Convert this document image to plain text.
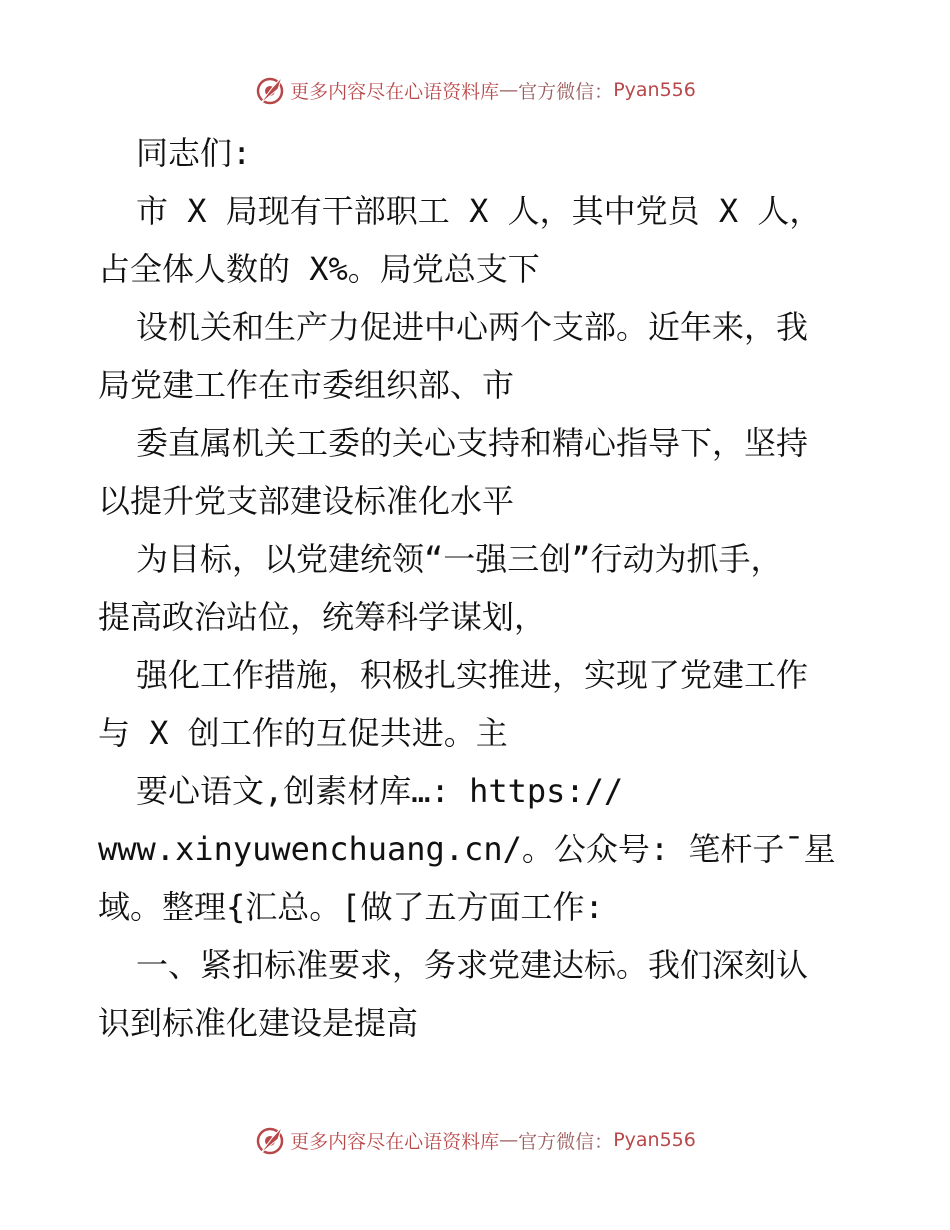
更多内容尽在心语资料库 — 官方微信： Pyan556
同志们:
市 X 局现有干部职工 X 人，其中党员 X 人，
占全体人数的 X%。局党总支下
设机关和生产力促进中心两个支部。近年来，我
局党建工作在市委组织部、市
委直属机关工委的关心支持和精心指导下，坚持
以提升党支部建设标准化水平
为目标，以党建统领“一强三创”行动为抓手，
提高政治站位，统筹科学谋划，
强化工作措施，积极扎实推进，实现了党建工作
与 X 创工作的互促共进。主
要心语文,创素材库…: https://
www.xinyuwenchuang.cn/。公众号: 笔杆子¯星
域。整理{汇总。[做了五方面工作:
一、紧扣标准要求，务求党建达标。我们深刻认
识到标准化建设是提高
更多内容尽在心语资料库 — 官方微信： Pyan556
